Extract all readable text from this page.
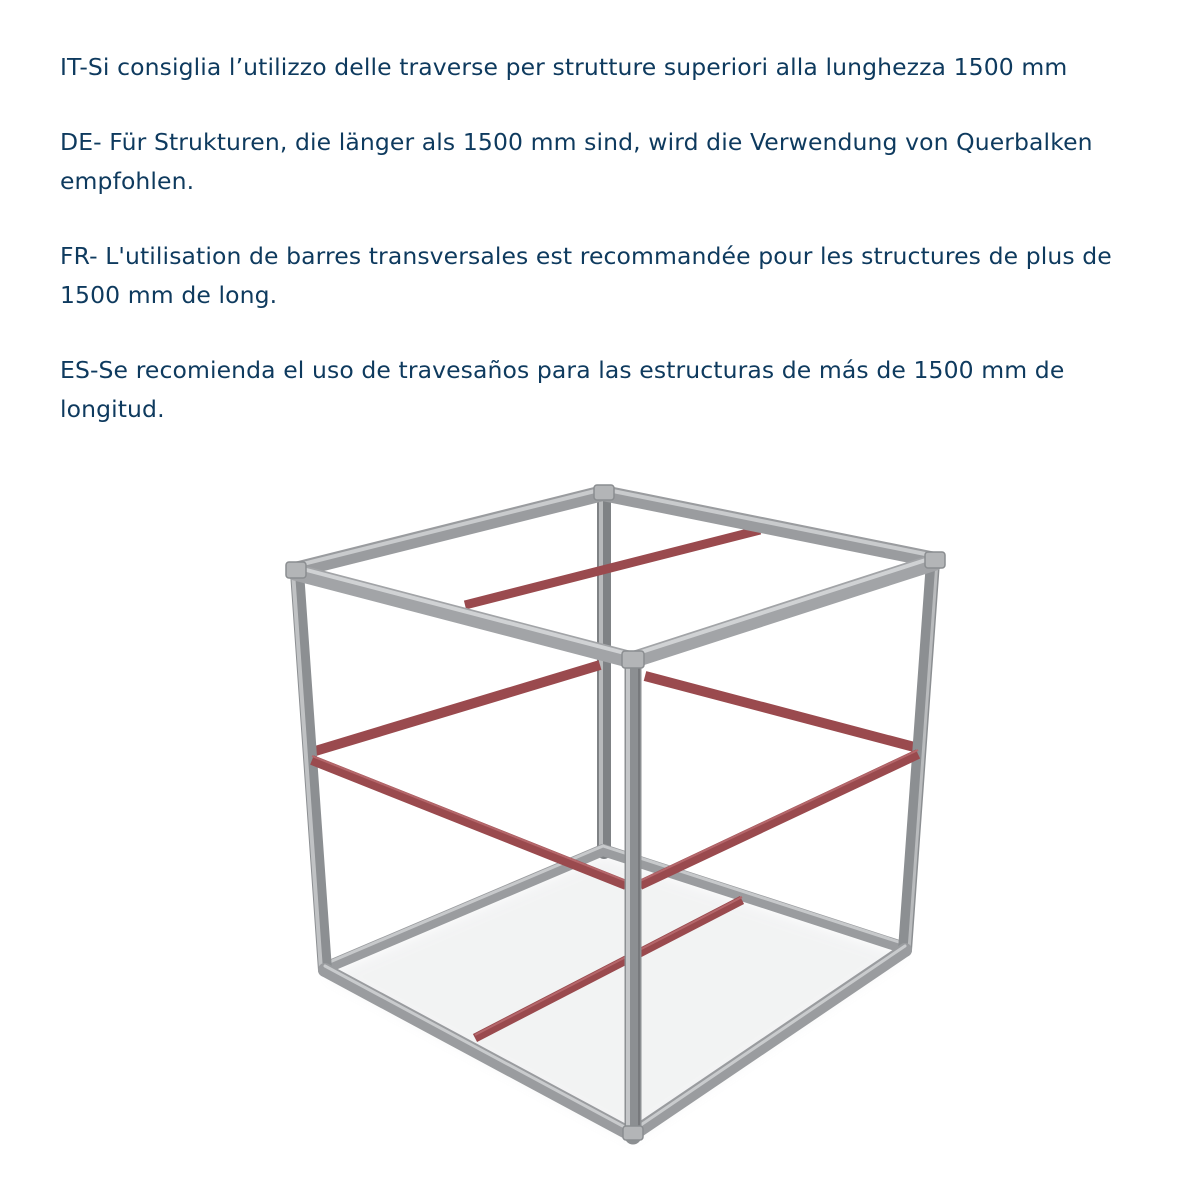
IT-Si consiglia l’utilizzo delle traverse per strutture superiori alla lunghezza 1500 mm

DE- Für Strukturen, die länger als 1500 mm sind, wird die Verwendung von Querbalken empfohlen.

FR- L'utilisation de barres transversales est recommandée pour les structures de plus de 1500 mm de long.

ES-Se recomienda el uso de travesaños para las estructuras de más de 1500 mm de longitud.
